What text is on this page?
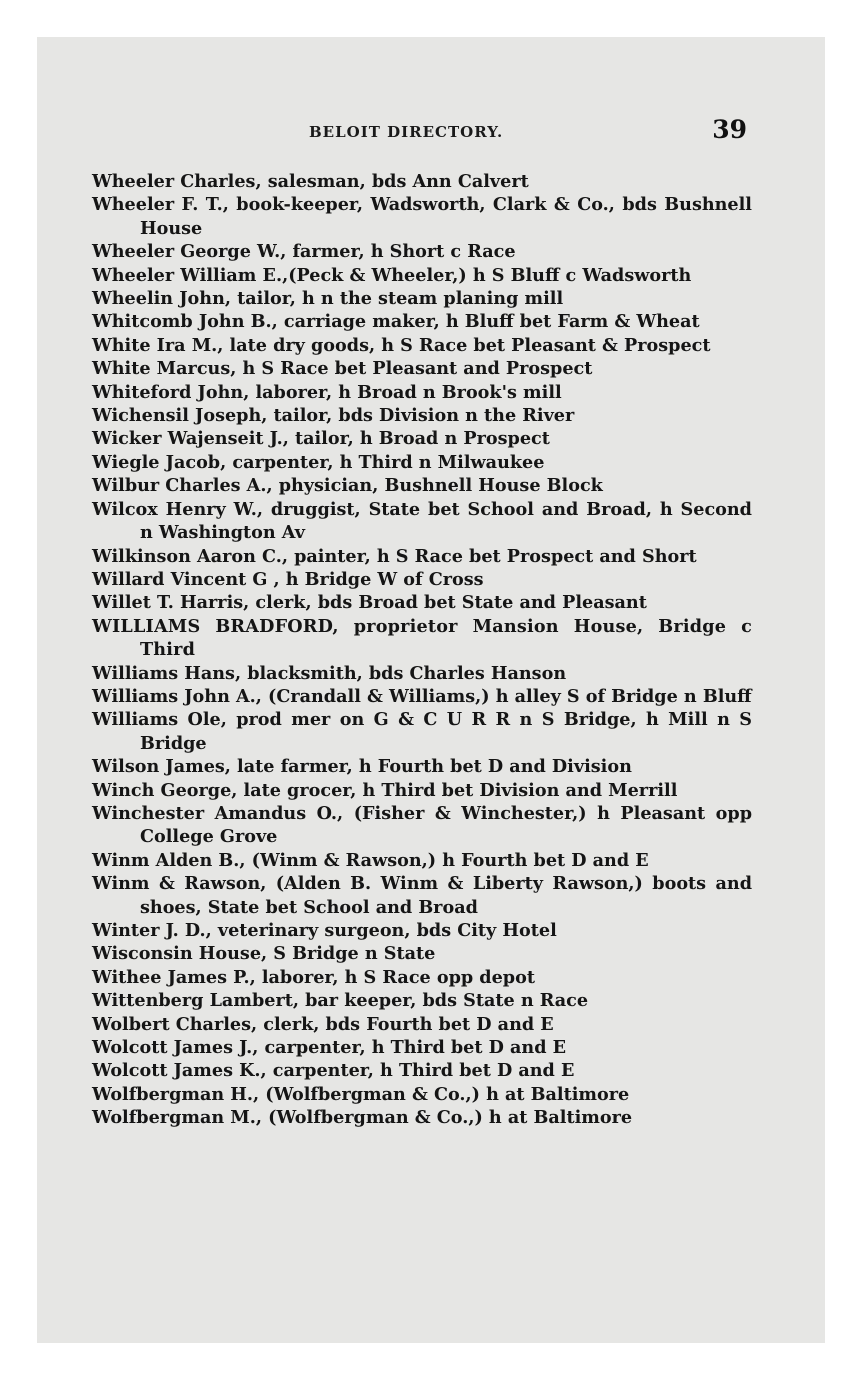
BELOIT DIRECTORY.	39
Wheeler Charles, salesman, bds Ann Calvert
Wheeler F. T., book-keeper, Wadsworth, Clark & Co., bds Bushnell House
Wheeler George W., farmer, h Short c Race
Wheeler William E.,(Peck & Wheeler,) h S Bluff c Wadsworth
Wheelin John, tailor, h n the steam planing mill
Whitcomb John B., carriage maker, h Bluff bet Farm & Wheat
White Ira M., late dry goods, h S Race bet Pleasant & Prospect
White Marcus, h S Race bet Pleasant and Prospect
Whiteford John, laborer, h Broad n Brook's mill
Wichensil Joseph, tailor, bds Division n the River
Wicker Wajenseit J., tailor, h Broad n Prospect
Wiegle Jacob, carpenter, h Third n Milwaukee
Wilbur Charles A., physician, Bushnell House Block
Wilcox Henry W., druggist, State bet School and Broad, h Second n Washington Av
Wilkinson Aaron C., painter, h S Race bet Prospect and Short
Willard Vincent G , h Bridge W of Cross
Willet T. Harris, clerk, bds Broad bet State and Pleasant
WILLIAMS BRADFORD, proprietor Mansion House, Bridge c Third
Williams Hans, blacksmith, bds Charles Hanson
Williams John A., (Crandall & Williams,) h alley S of Bridge n Bluff
Williams Ole, prod mer on G & C U R R n S Bridge, h Mill n S Bridge
Wilson James, late farmer, h Fourth bet D and Division
Winch George, late grocer, h Third bet Division and Merrill
Winchester Amandus O., (Fisher & Winchester,) h Pleasant opp College Grove
Winm Alden B., (Winm & Rawson,) h Fourth bet D and E
Winm & Rawson, (Alden B. Winm & Liberty Rawson,) boots and shoes, State bet School and Broad
Winter J. D., veterinary surgeon, bds City Hotel
Wisconsin House, S Bridge n State
Withee James P., laborer, h S Race opp depot
Wittenberg Lambert, bar keeper, bds State n Race
Wolbert Charles, clerk, bds Fourth bet D and E
Wolcott James J., carpenter, h Third bet D and E
Wolcott James K., carpenter, h Third bet D and E
Wolfbergman H., (Wolfbergman & Co.,) h at Baltimore
Wolfbergman M., (Wolfbergman & Co.,) h at Baltimore
